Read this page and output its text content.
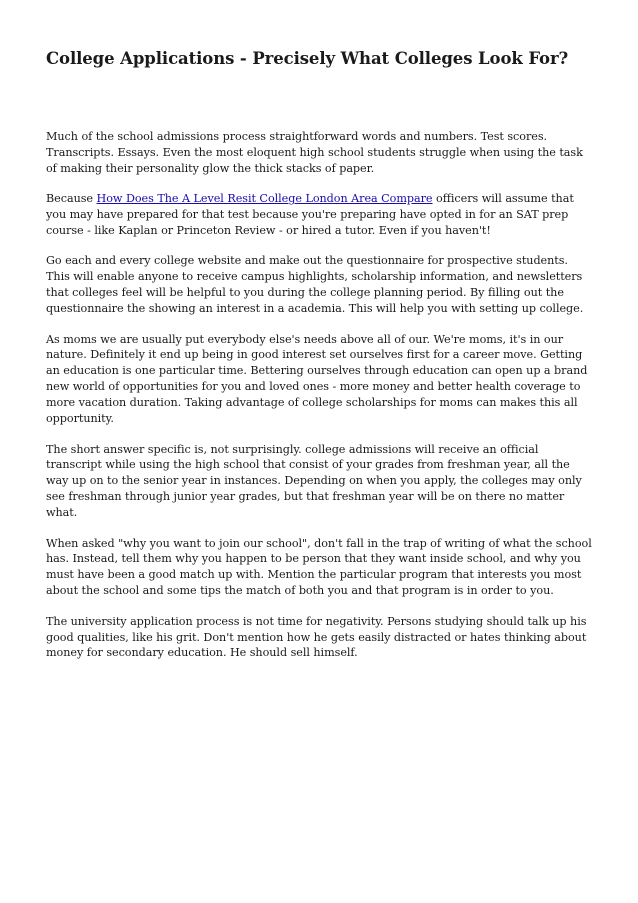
College Applications - Precisely What Colleges Look For?

Much of the school admissions process straightforward words and numbers. Test scores. Transcripts. Essays. Even the most eloquent high school students struggle when using the task of making their personality glow the thick stacks of paper.

Because How Does The A Level Resit College London Area Compare officers will assume that you may have prepared for that test because you're preparing have opted in for an SAT prep course - like Kaplan or Princeton Review - or hired a tutor. Even if you haven't!

Go each and every college website and make out the questionnaire for prospective students. This will enable anyone to receive campus highlights, scholarship information, and newsletters that colleges feel will be helpful to you during the college planning period. By filling out the questionnaire the showing an interest in a academia. This will help you with setting up college.

As moms we are usually put everybody else's needs above all of our. We're moms, it's in our nature. Definitely it end up being in good interest set ourselves first for a career move. Getting an education is one particular time. Bettering ourselves through education can open up a brand new world of opportunities for you and loved ones - more money and better health coverage to more vacation duration. Taking advantage of college scholarships for moms can makes this all opportunity.

The short answer specific is, not surprisingly. college admissions will receive an official transcript while using the high school that consist of your grades from freshman year, all the way up on to the senior year in instances. Depending on when you apply, the colleges may only see freshman through junior year grades, but that freshman year will be on there no matter what.

When asked "why you want to join our school", don't fall in the trap of writing of what the school has. Instead, tell them why you happen to be person that they want inside school, and why you must have been a good match up with. Mention the particular program that interests you most about the school and some tips the match of both you and that program is in order to you.

The university application process is not time for negativity. Persons studying should talk up his good qualities, like his grit. Don't mention how he gets easily distracted or hates thinking about money for secondary education. He should sell himself.
